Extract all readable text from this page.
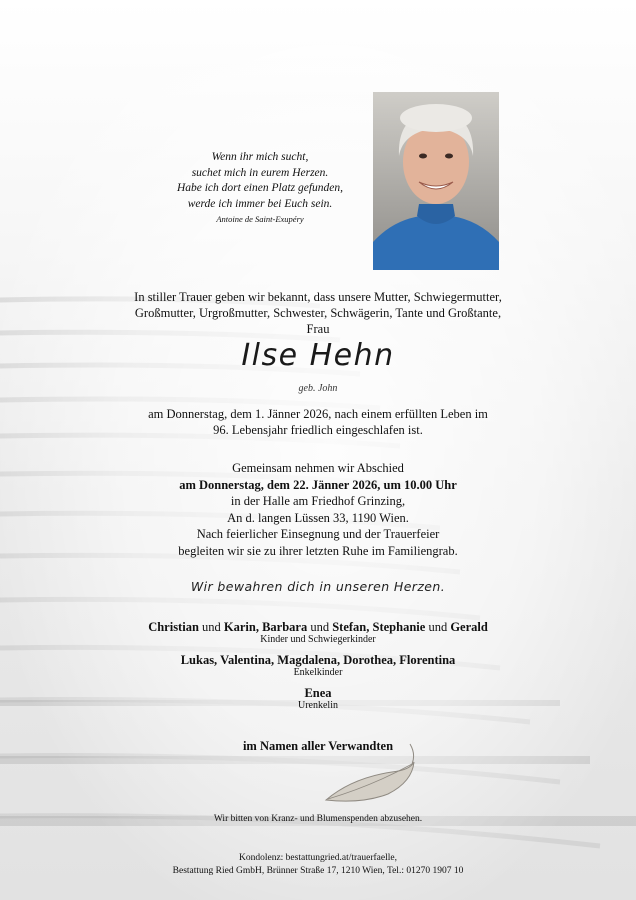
Wenn ihr mich sucht,
suchet mich in eurem Herzen.
Habe ich dort einen Platz gefunden,
werde ich immer bei Euch sein.
Antoine de Saint-Exupéry
In stiller Trauer geben wir bekannt, dass unsere Mutter, Schwiegermutter,
Großmutter, Urgroßmutter, Schwester, Schwägerin, Tante und Großtante,
Frau
Ilse Hehn
geb. John
am Donnerstag, dem 1. Jänner 2026, nach einem erfüllten Leben im
96. Lebensjahr friedlich eingeschlafen ist.
Gemeinsam nehmen wir Abschied
am Donnerstag, dem 22. Jänner 2026, um 10.00 Uhr
in der Halle am Friedhof Grinzing,
An d. langen Lüssen 33, 1190 Wien.
Nach feierlicher Einsegnung und der Trauerfeier
begleiten wir sie zu ihrer letzten Ruhe im Familiengrab.
Wir bewahren dich in unseren Herzen.
Christian und Karin, Barbara und Stefan, Stephanie und Gerald
Kinder und Schwiegerkinder
Lukas, Valentina, Magdalena, Dorothea, Florentina
Enkelkinder
Enea
Urenkelin
im Namen aller Verwandten
Wir bitten von Kranz- und Blumenspenden abzusehen.
Kondolenz: bestattungried.at/trauerfaelle,
Bestattung Ried GmbH, Brünner Straße 17, 1210 Wien, Tel.: 01270 1907 10
